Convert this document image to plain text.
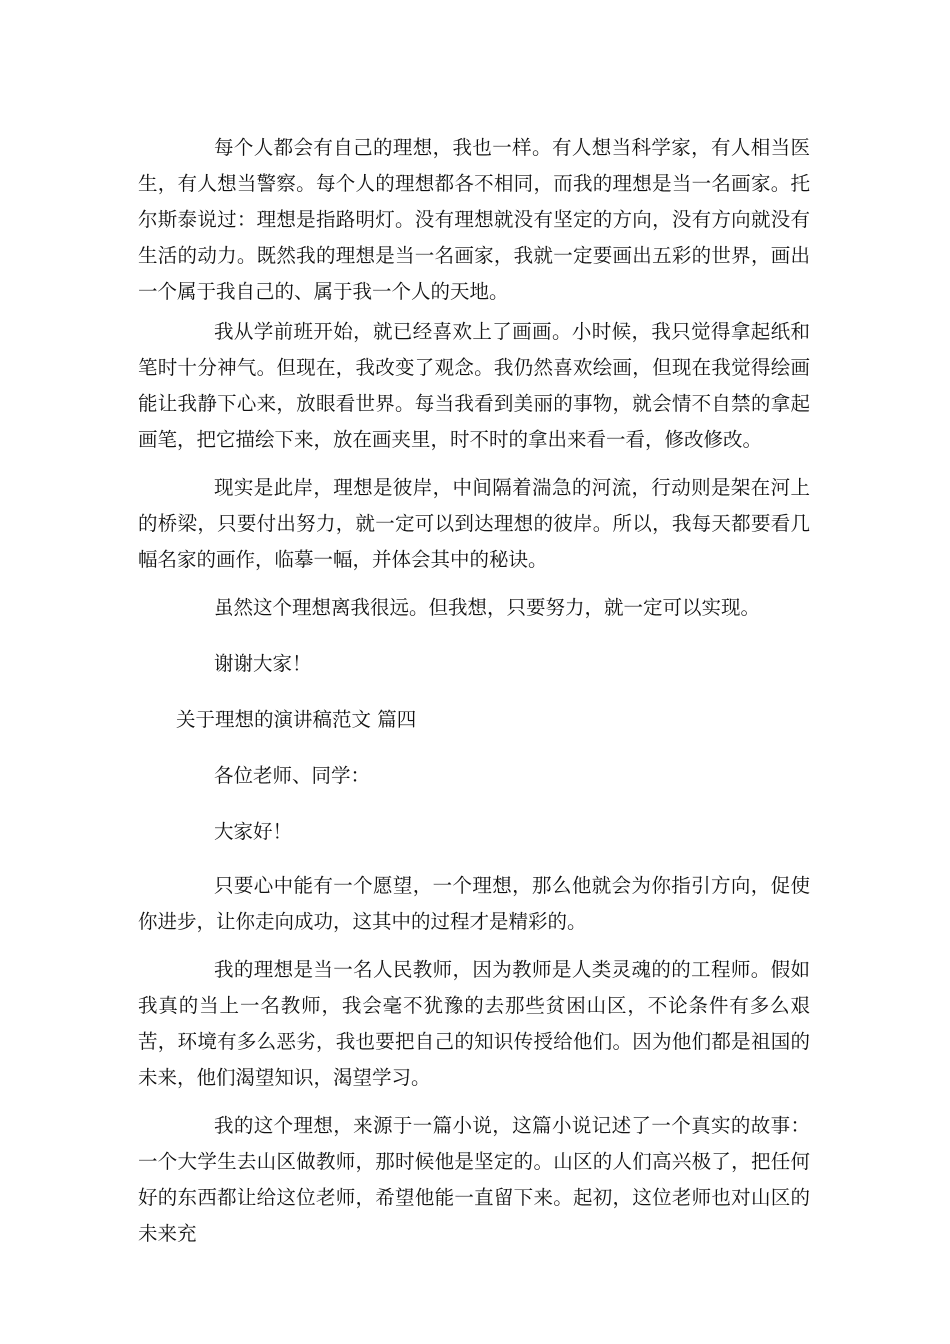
每个人都会有自己的理想，我也一样。有人想当科学家，有人相当医生，有人想当警察。每个人的理想都各不相同，而我的理想是当一名画家。托尔斯泰说过：理想是指路明灯。没有理想就没有坚定的方向，没有方向就没有生活的动力。既然我的理想是当一名画家，我就一定要画出五彩的世界，画出一个属于我自己的、属于我一个人的天地。

我从学前班开始，就已经喜欢上了画画。小时候，我只觉得拿起纸和笔时十分神气。但现在，我改变了观念。我仍然喜欢绘画，但现在我觉得绘画能让我静下心来，放眼看世界。每当我看到美丽的事物，就会情不自禁的拿起画笔，把它描绘下来，放在画夹里，时不时的拿出来看一看，修改修改。

现实是此岸，理想是彼岸，中间隔着湍急的河流，行动则是架在河上的桥梁，只要付出努力，就一定可以到达理想的彼岸。所以，我每天都要看几幅名家的画作，临摹一幅，并体会其中的秘诀。

虽然这个理想离我很远。但我想，只要努力，就一定可以实现。

谢谢大家！

关于理想的演讲稿范文 篇四

各位老师、同学：

大家好！

只要心中能有一个愿望，一个理想，那么他就会为你指引方向，促使你进步，让你走向成功，这其中的过程才是精彩的。

我的理想是当一名人民教师，因为教师是人类灵魂的的工程师。假如我真的当上一名教师，我会毫不犹豫的去那些贫困山区，不论条件有多么艰苦，环境有多么恶劣，我也要把自己的知识传授给他们。因为他们都是祖国的未来，他们渴望知识，渴望学习。

我的这个理想，来源于一篇小说，这篇小说记述了一个真实的故事：一个大学生去山区做教师，那时候他是坚定的。山区的人们高兴极了，把任何好的东西都让给这位老师，希望他能一直留下来。起初，这位老师也对山区的未来充
